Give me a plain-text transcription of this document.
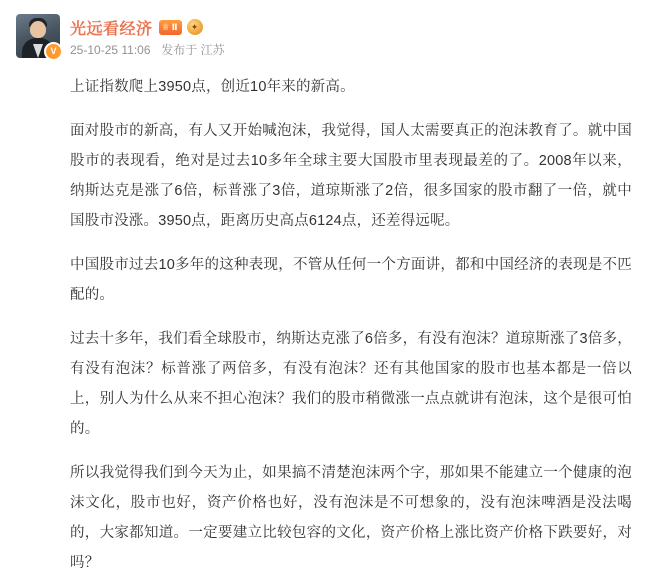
V
光远看经济 ♕ Ⅱ	✦
25-10-25 11:06 发布于 江苏

上证指数爬上3950点，创近10年来的新高。

面对股市的新高，有人又开始喊泡沫，我觉得，国人太需要真正的泡沫教育了。就中国股市的表现看，绝对是过去10多年全球主要大国股市里表现最差的了。2008年以来，纳斯达克是涨了6倍，标普涨了3倍，道琼斯涨了2倍，很多国家的股市翻了一倍，就中国股市没涨。3950点，距离历史高点6124点，还差得远呢。

中国股市过去10多年的这种表现，不管从任何一个方面讲，都和中国经济的表现是不匹配的。

过去十多年，我们看全球股市，纳斯达克涨了6倍多，有没有泡沫？道琼斯涨了3倍多，有没有泡沫？标普涨了两倍多，有没有泡沫？还有其他国家的股市也基本都是一倍以上，别人为什么从来不担心泡沫？我们的股市稍微涨一点点就讲有泡沫，这个是很可怕的。

所以我觉得我们到今天为止，如果搞不清楚泡沫两个字，那如果不能建立一个健康的泡沫文化，股市也好，资产价格也好，没有泡沫是不可想象的，没有泡沫啤酒是没法喝的，大家都知道。一定要建立比较包容的文化，资产价格上涨比资产价格下跌要好，对吗？
